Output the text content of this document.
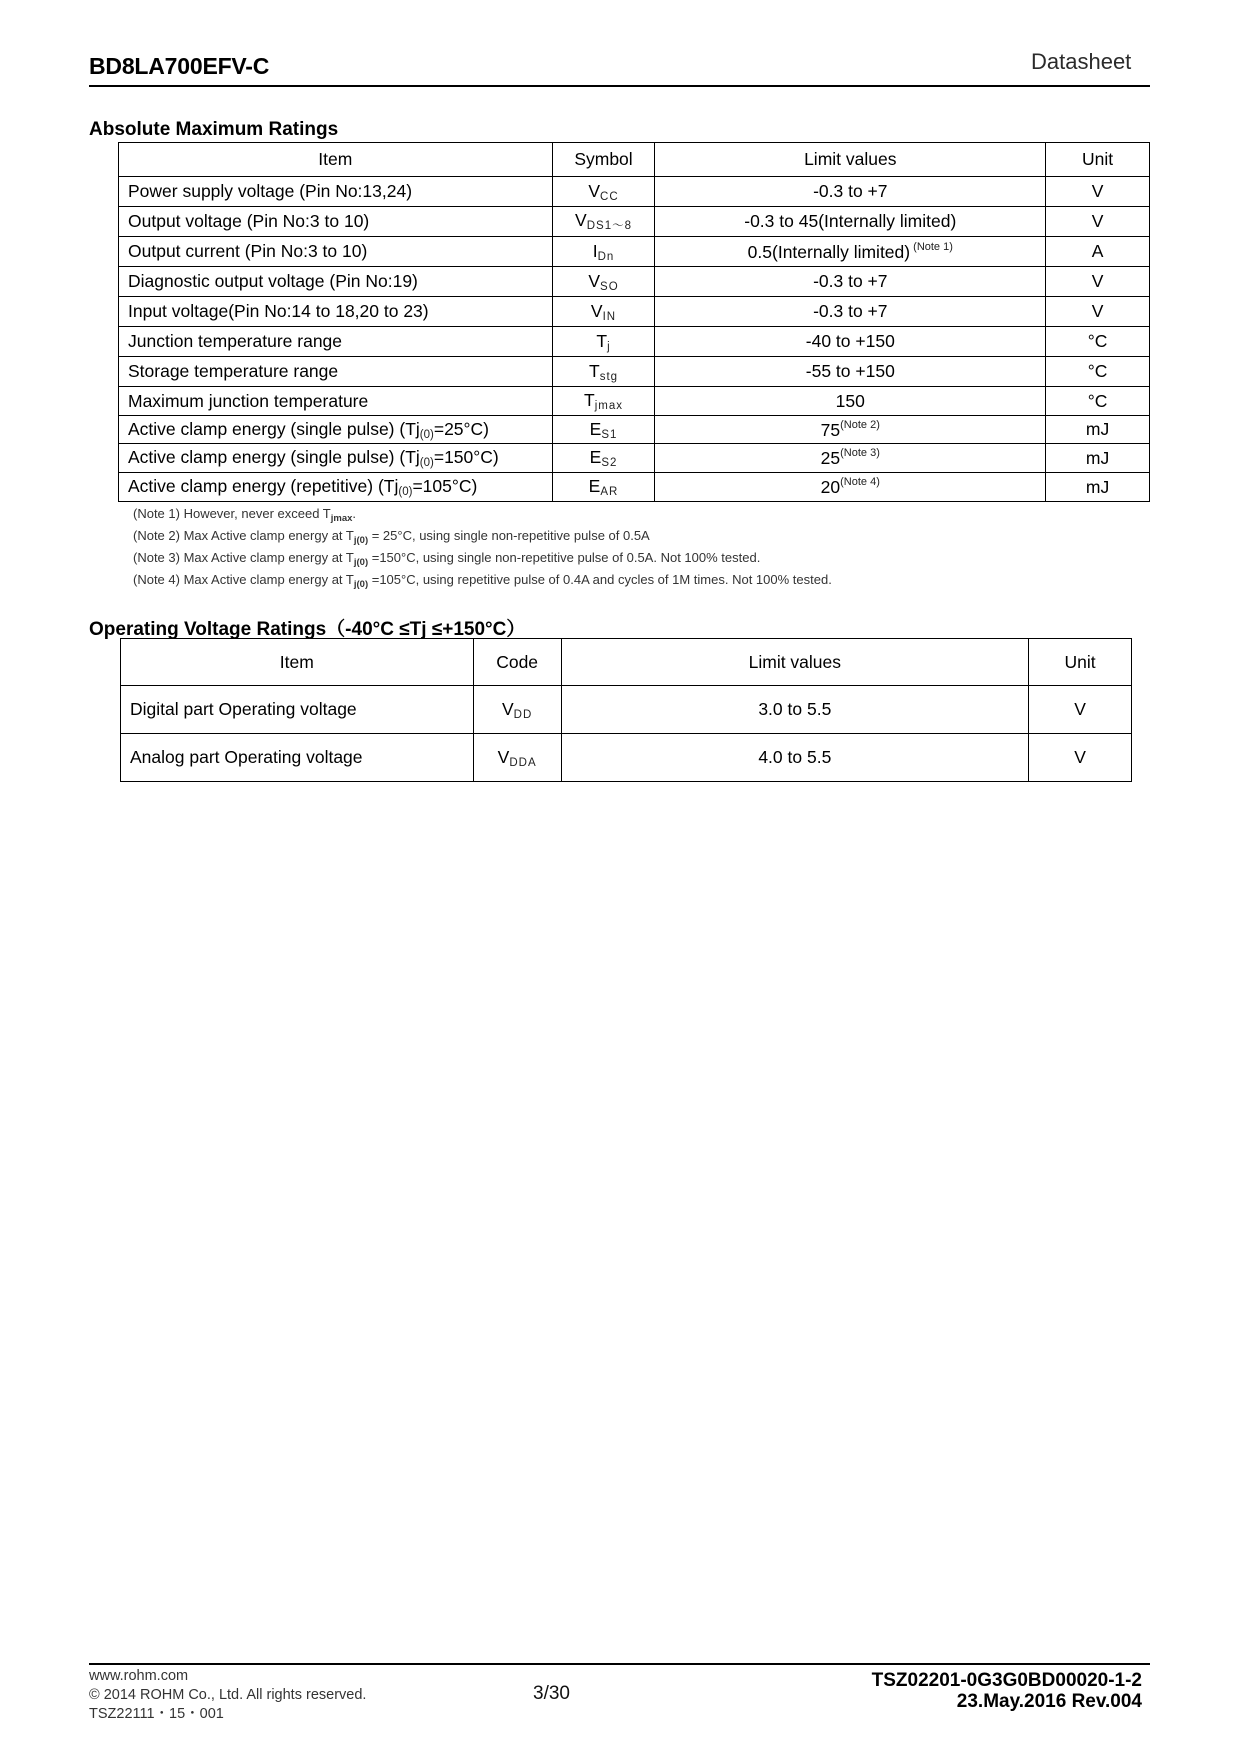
BD8LA700EFV-C	Datasheet
Absolute Maximum Ratings
Item	Symbol	Limit values	Unit
Power supply voltage (Pin No:13,24)	$V_{CC}$	-0.3 to +7	V
Output voltage (Pin No:3 to 10)	$V_{DS1\sim 8}$	-0.3 to 45(Internally limited)	V
Output current (Pin No:3 to 10)	$I_{Dn}$	0.5(Internally limited) $^{(Note 1)}$	A
Diagnostic output voltage (Pin No:19)	$V_{SO}$	-0.3 to +7	V
Input voltage(Pin No:14 to 18,20 to 23)	$V_{IN}$	-0.3 to +7	V
Junction temperature range	$T_j$	-40 to +150	°C
Storage temperature range	$T_{stg}$	-55 to +150	°C
Maximum junction temperature	$T_{jmax}$	150	°C
Active clamp energy (single pulse) $(Tj_{(0)}=25^\circ C)$	$E_{S1}$	$75^{(Note 2)}$	mJ
Active clamp energy (single pulse) $(Tj_{(0)}=150^\circ C)$	$E_{S2}$	$25^{(Note 3)}$	mJ
Active clamp energy (repetitive) $(Tj_{(0)}=105^\circ C)$	$E_{AR}$	$20^{(Note 4)}$	mJ
(Note 1) However, never exceed $T_{jmax}$.
(Note 2) Max Active clamp energy at $T_{j(0)} = 25^\circ C$, using single non-repetitive pulse of 0.5A
(Note 3) Max Active clamp energy at $T_{j(0)} =150^\circ C$, using single non-repetitive pulse of 0.5A. Not 100% tested.
(Note 4) Max Active clamp energy at $T_{j(0)} =105^\circ C$, using repetitive pulse of 0.4A and cycles of 1M times. Not 100% tested.
Operating Voltage Ratings（-40°C ≤Tj ≤+150°C）
Item	Code	Limit values	Unit
Digital part Operating voltage	$V_{DD}$	3.0 to 5.5	V
Analog part Operating voltage	$V_{DDA}$	4.0 to 5.5	V
www.rohm.com
© 2014 ROHM Co., Ltd. All rights reserved.
TSZ22111・15・001
3/30
TSZ02201-0G3G0BD00020-1-2
23.May.2016 Rev.004
